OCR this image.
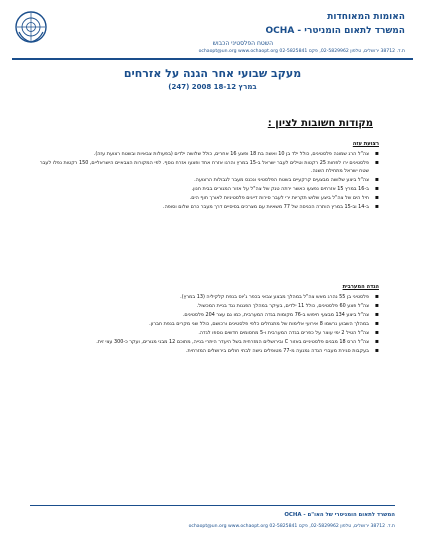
האומות המאוחדות
המשרד לתאום הומניטרי - OCHA
השטח הפלסטיני הכבוש
ת.ד. 38712 ירושלים, טלפון 02-5829962, פקס 02-5825841 ochaopt@un.org www.ochaopt.org
מעקב שבועי אחר הגנה על אזרחים
(247) 2008 במרץ 18-12
מקודות חשובות לציון :
רצועת עזה
▪ צה"ל הרג שמונה פלסטינים, כולל ילד בן 10 ואשה בת 18 ופצע 16 אחרים, כולל שלושה ילדים (בפעולות צבאיות ובשטח רצועת עזה).
▪ פלסטינים ירו לפחות 25 רקטות וטילים לעבר ישראל ב-15 במרץ והרגו אזרח אחד ופצעו אזרח נוסף. לפי המקורות הצבאיים הישראליים, 150 רקטות נפלו לעבר שטח ישראל מתחילת השנה.
▪ צה"ל ביצע שלושה מבצעים קרקעיים בשטח הפלסטיני ונכנס מעבר לגבולות הרצועה.
▪ ב-16 במרץ 15 אזרחים נפצעו כאשר ירתה טנק של צה"ל על אזור המגורים בבית חנון.
▪ חיל הים של צה"ל ביצע שלוש תקריות ירי לעבר סירות דייגים פלסטיניות לאורך חוף הים.
▪ ב-14 וב-15 במרץ הותרה הכניסה של 77 משאיות עם מצרכים בסיסיים דרך מעבר כרם שלום וסופה.
הגדה המערבית
▪ פלסטיני בן 55 נהרג מאש צה"ל במהלך מבצע צבאי בכפר ג'יוס בנפת קלקיליה (13 במרץ).
▪ צה"ל פצע 60 פלסטינים, כולל 11 ילדים, בעיקר במהלך הפגנות נגד בניית המכשול.
▪ צה"ל ביצע 134 מבצעי חיפוש ב-76 מקומות בגדה המערבית, כמו גם עצר 204 פלסטינים.
▪ במהלך השבוע נרשמו 8 אירועי אלימות של מתנחלים כלפי פלסטינים ורכושם, כולל שני מקרים בנפת חברון.
▪ צה"ל הטיל 2 ימי עוצר על כפרים בגדה המערבית ו-5 מחסומים חדשים נוספו לגדה.
▪ צה"ל הרס 18 מבנים פלסטיניים באזור C ובירושלים המזרחית בשל היעדר היתרי בנייה, מתוכם 12 מבני מגורים, ועקר כ-300 עצי זית.
▪ בעקבות סגירת מעברי הגדה נמנעה מ-77 מטופלים גישה לבתי חולים בירושלים המזרחית.
המשרד לתאום הומניטרי של האו"ם - OCHA
ת.ד. 38712 ירושלים, טלפון 02-5829962, פקס 02-5825841 ochaopt@un.org www.ochaopt.org
